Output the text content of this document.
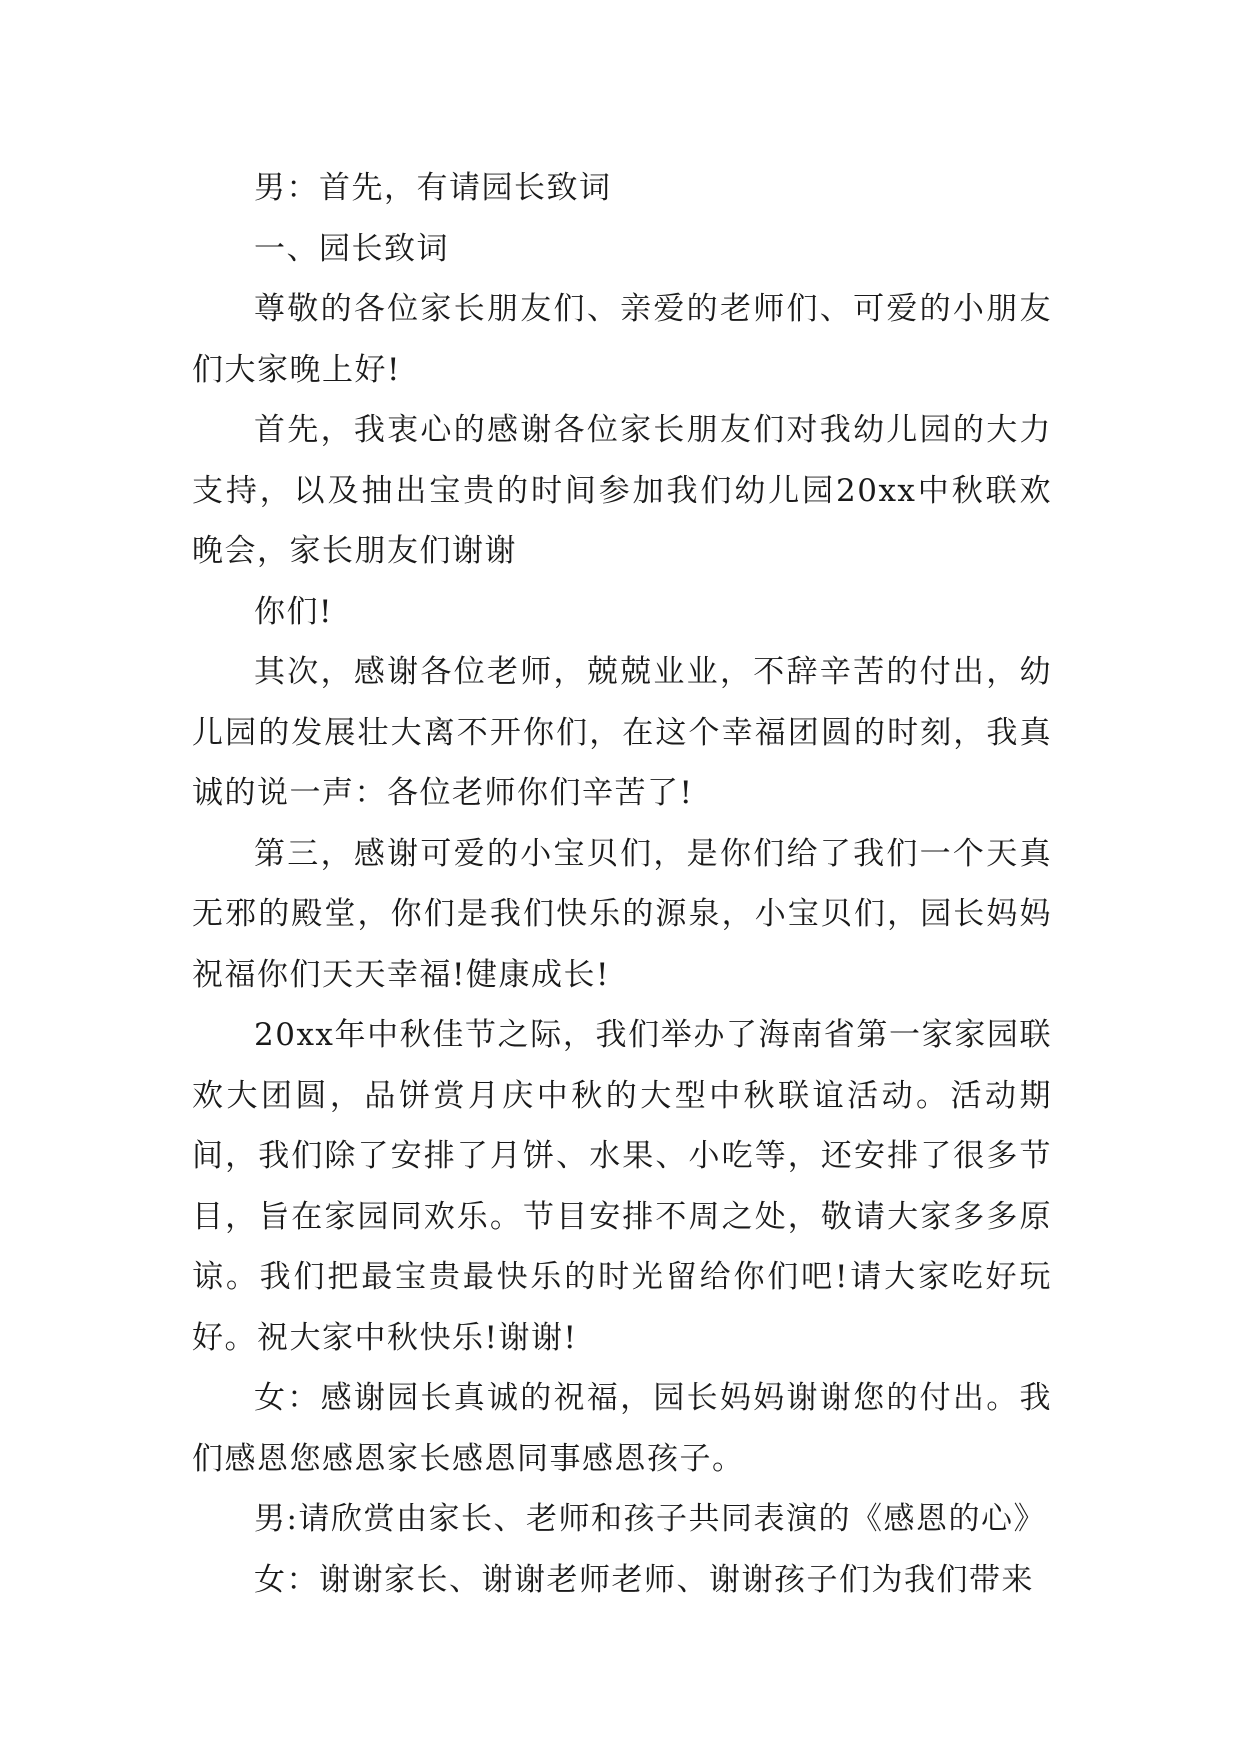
男：首先，有请园长致词

一、园长致词

尊敬的各位家长朋友们、亲爱的老师们、可爱的小朋友们大家晚上好!

首先，我衷心的感谢各位家长朋友们对我幼儿园的大力支持，以及抽出宝贵的时间参加我们幼儿园20xx中秋联欢晚会，家长朋友们谢谢

你们!

其次，感谢各位老师，兢兢业业，不辞辛苦的付出，幼儿园的发展壮大离不开你们，在这个幸福团圆的时刻，我真诚的说一声：各位老师你们辛苦了!

第三，感谢可爱的小宝贝们，是你们给了我们一个天真无邪的殿堂，你们是我们快乐的源泉，小宝贝们，园长妈妈祝福你们天天幸福!健康成长!

20xx年中秋佳节之际，我们举办了海南省第一家家园联欢大团圆，品饼赏月庆中秋的大型中秋联谊活动。活动期间，我们除了安排了月饼、水果、小吃等，还安排了很多节目，旨在家园同欢乐。节目安排不周之处，敬请大家多多原谅。我们把最宝贵最快乐的时光留给你们吧!请大家吃好玩好。祝大家中秋快乐!谢谢!

女：感谢园长真诚的祝福，园长妈妈谢谢您的付出。我们感恩您感恩家长感恩同事感恩孩子。

男:请欣赏由家长、老师和孩子共同表演的《感恩的心》

女：谢谢家长、谢谢老师老师、谢谢孩子们为我们带来
